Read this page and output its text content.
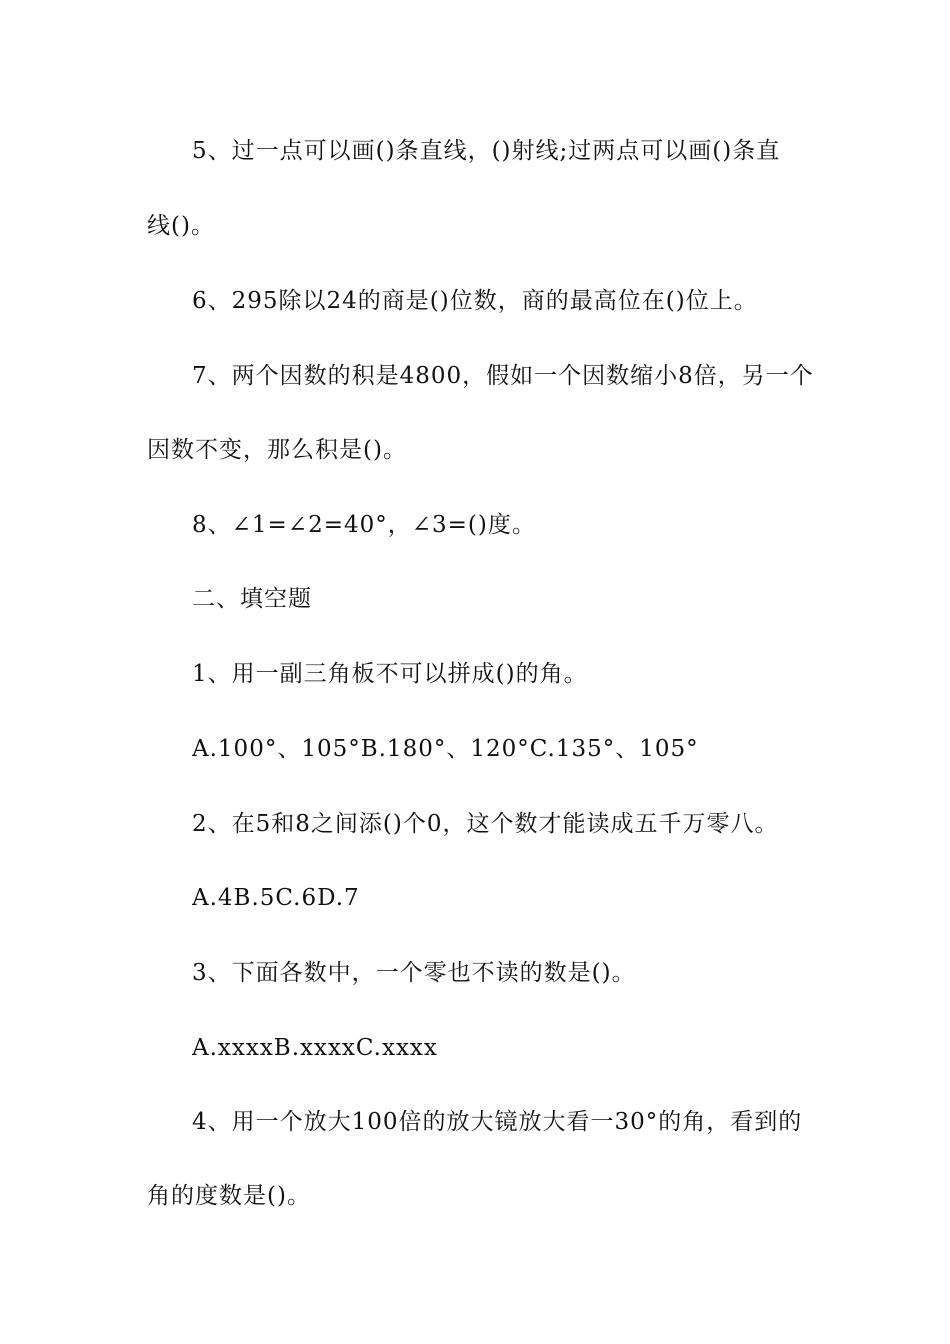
5、过一点可以画()条直线，()射线;过两点可以画()条直
线()。
6、295除以24的商是()位数，商的最高位在()位上。
7、两个因数的积是4800，假如一个因数缩小8倍，另一个
因数不变，那么积是()。
8、∠1=∠2=40°，∠3=()度。
二、填空题
1、用一副三角板不可以拼成()的角。
A.100°、105°B.180°、120°C.135°、105°
2、在5和8之间添()个0，这个数才能读成五千万零八。
A.4B.5C.6D.7
3、下面各数中，一个零也不读的数是()。
A.xxxxB.xxxxC.xxxx
4、用一个放大100倍的放大镜放大看一30°的角，看到的
角的度数是()。
